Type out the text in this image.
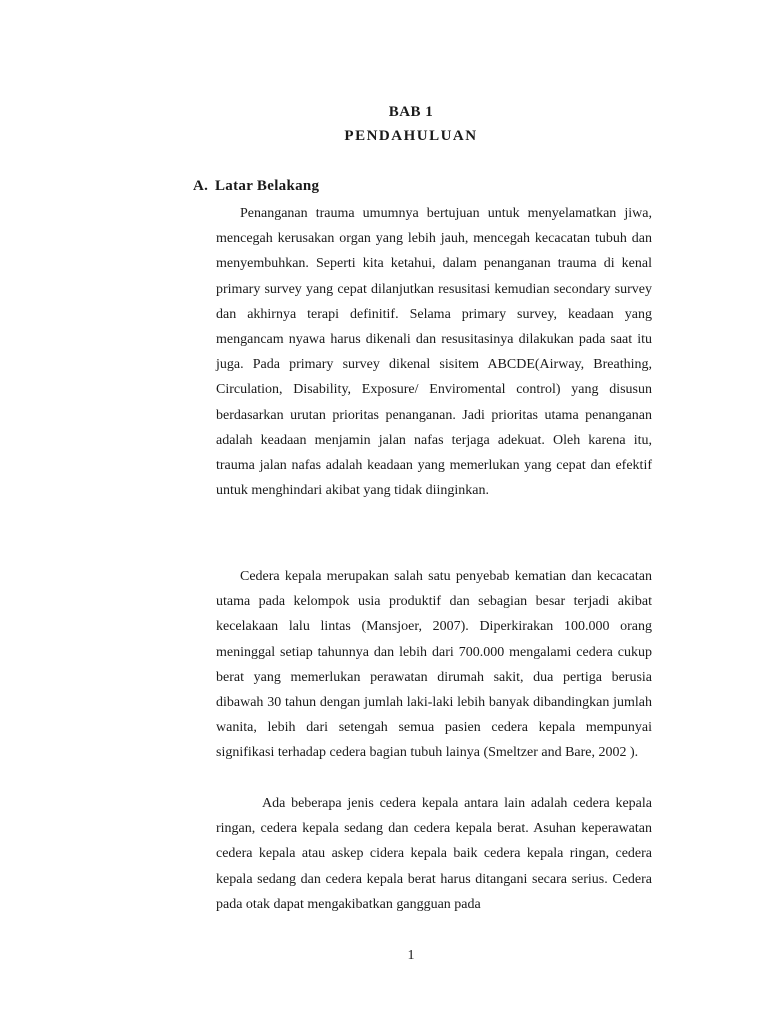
BAB 1
PENDAHULUAN
A. Latar Belakang

Penanganan trauma umumnya bertujuan untuk menyelamatkan jiwa, mencegah kerusakan organ yang lebih jauh, mencegah kecacatan tubuh dan menyembuhkan. Seperti kita ketahui, dalam penanganan trauma di kenal primary survey yang cepat dilanjutkan resusitasi kemudian secondary survey dan akhirnya terapi definitif. Selama primary survey, keadaan yang mengancam nyawa harus dikenali dan resusitasinya dilakukan pada saat itu juga. Pada primary survey dikenal sisitem ABCDE(Airway, Breathing, Circulation, Disability, Exposure/ Enviromental control) yang disusun berdasarkan urutan prioritas penanganan. Jadi prioritas utama penanganan adalah keadaan menjamin jalan nafas terjaga adekuat. Oleh karena itu, trauma jalan nafas adalah keadaan yang memerlukan yang cepat dan efektif untuk menghindari akibat yang tidak diinginkan.

Cedera kepala merupakan salah satu penyebab kematian dan kecacatan utama pada kelompok usia produktif dan sebagian besar terjadi akibat kecelakaan lalu lintas (Mansjoer, 2007). Diperkirakan 100.000 orang meninggal setiap tahunnya dan lebih dari 700.000 mengalami cedera cukup berat yang memerlukan perawatan dirumah sakit, dua pertiga berusia dibawah 30 tahun dengan jumlah laki-laki lebih banyak dibandingkan jumlah wanita, lebih dari setengah semua pasien cedera kepala mempunyai signifikasi terhadap cedera bagian tubuh lainya (Smeltzer and Bare, 2002 ).

Ada beberapa jenis cedera kepala antara lain adalah cedera kepala ringan, cedera kepala sedang dan cedera kepala berat. Asuhan keperawatan cedera kepala atau askep cidera kepala baik cedera kepala ringan, cedera kepala sedang dan cedera kepala berat harus ditangani secara serius. Cedera pada otak dapat mengakibatkan gangguan pada

1
